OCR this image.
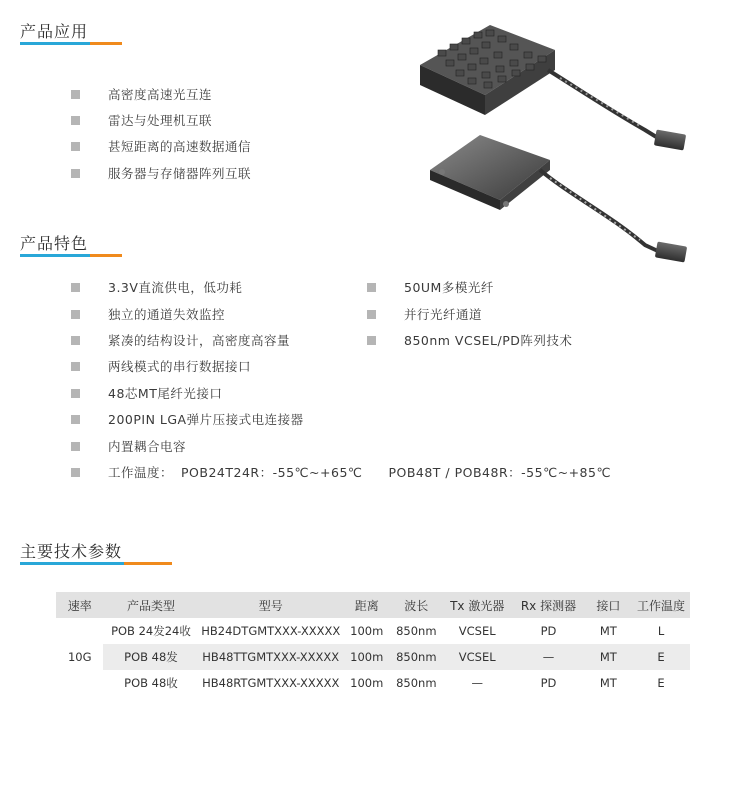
产品应用
高密度高速光互连
雷达与处理机互联
甚短距离的高速数据通信
服务器与存储器阵列互联
产品特色
3.3V直流供电，低功耗
独立的通道失效监控
紧凑的结构设计，高密度高容量
两线模式的串行数据接口
48芯MT尾纤光接口
200PIN LGA弹片压接式电连接器
内置耦合电容
工作温度： POB24T24R：-55℃~+65℃ POB48T / POB48R：-55℃~+85℃
50UM多模光纤
并行光纤通道
850nm VCSEL/PD阵列技术
主要技术参数
速率	产品类型	型号	距离	波长	Tx 激光器	Rx 探测器	接口	工作温度
10G	POB 24发24收	HB24DTGMTXXX-XXXXX	100m	850nm	VCSEL	PD	MT	L
	POB 48发	HB48TTGMTXXX-XXXXX	100m	850nm	VCSEL	—	MT	E
	POB 48收	HB48RTGMTXXX-XXXXX	100m	850nm	—	PD	MT	E
